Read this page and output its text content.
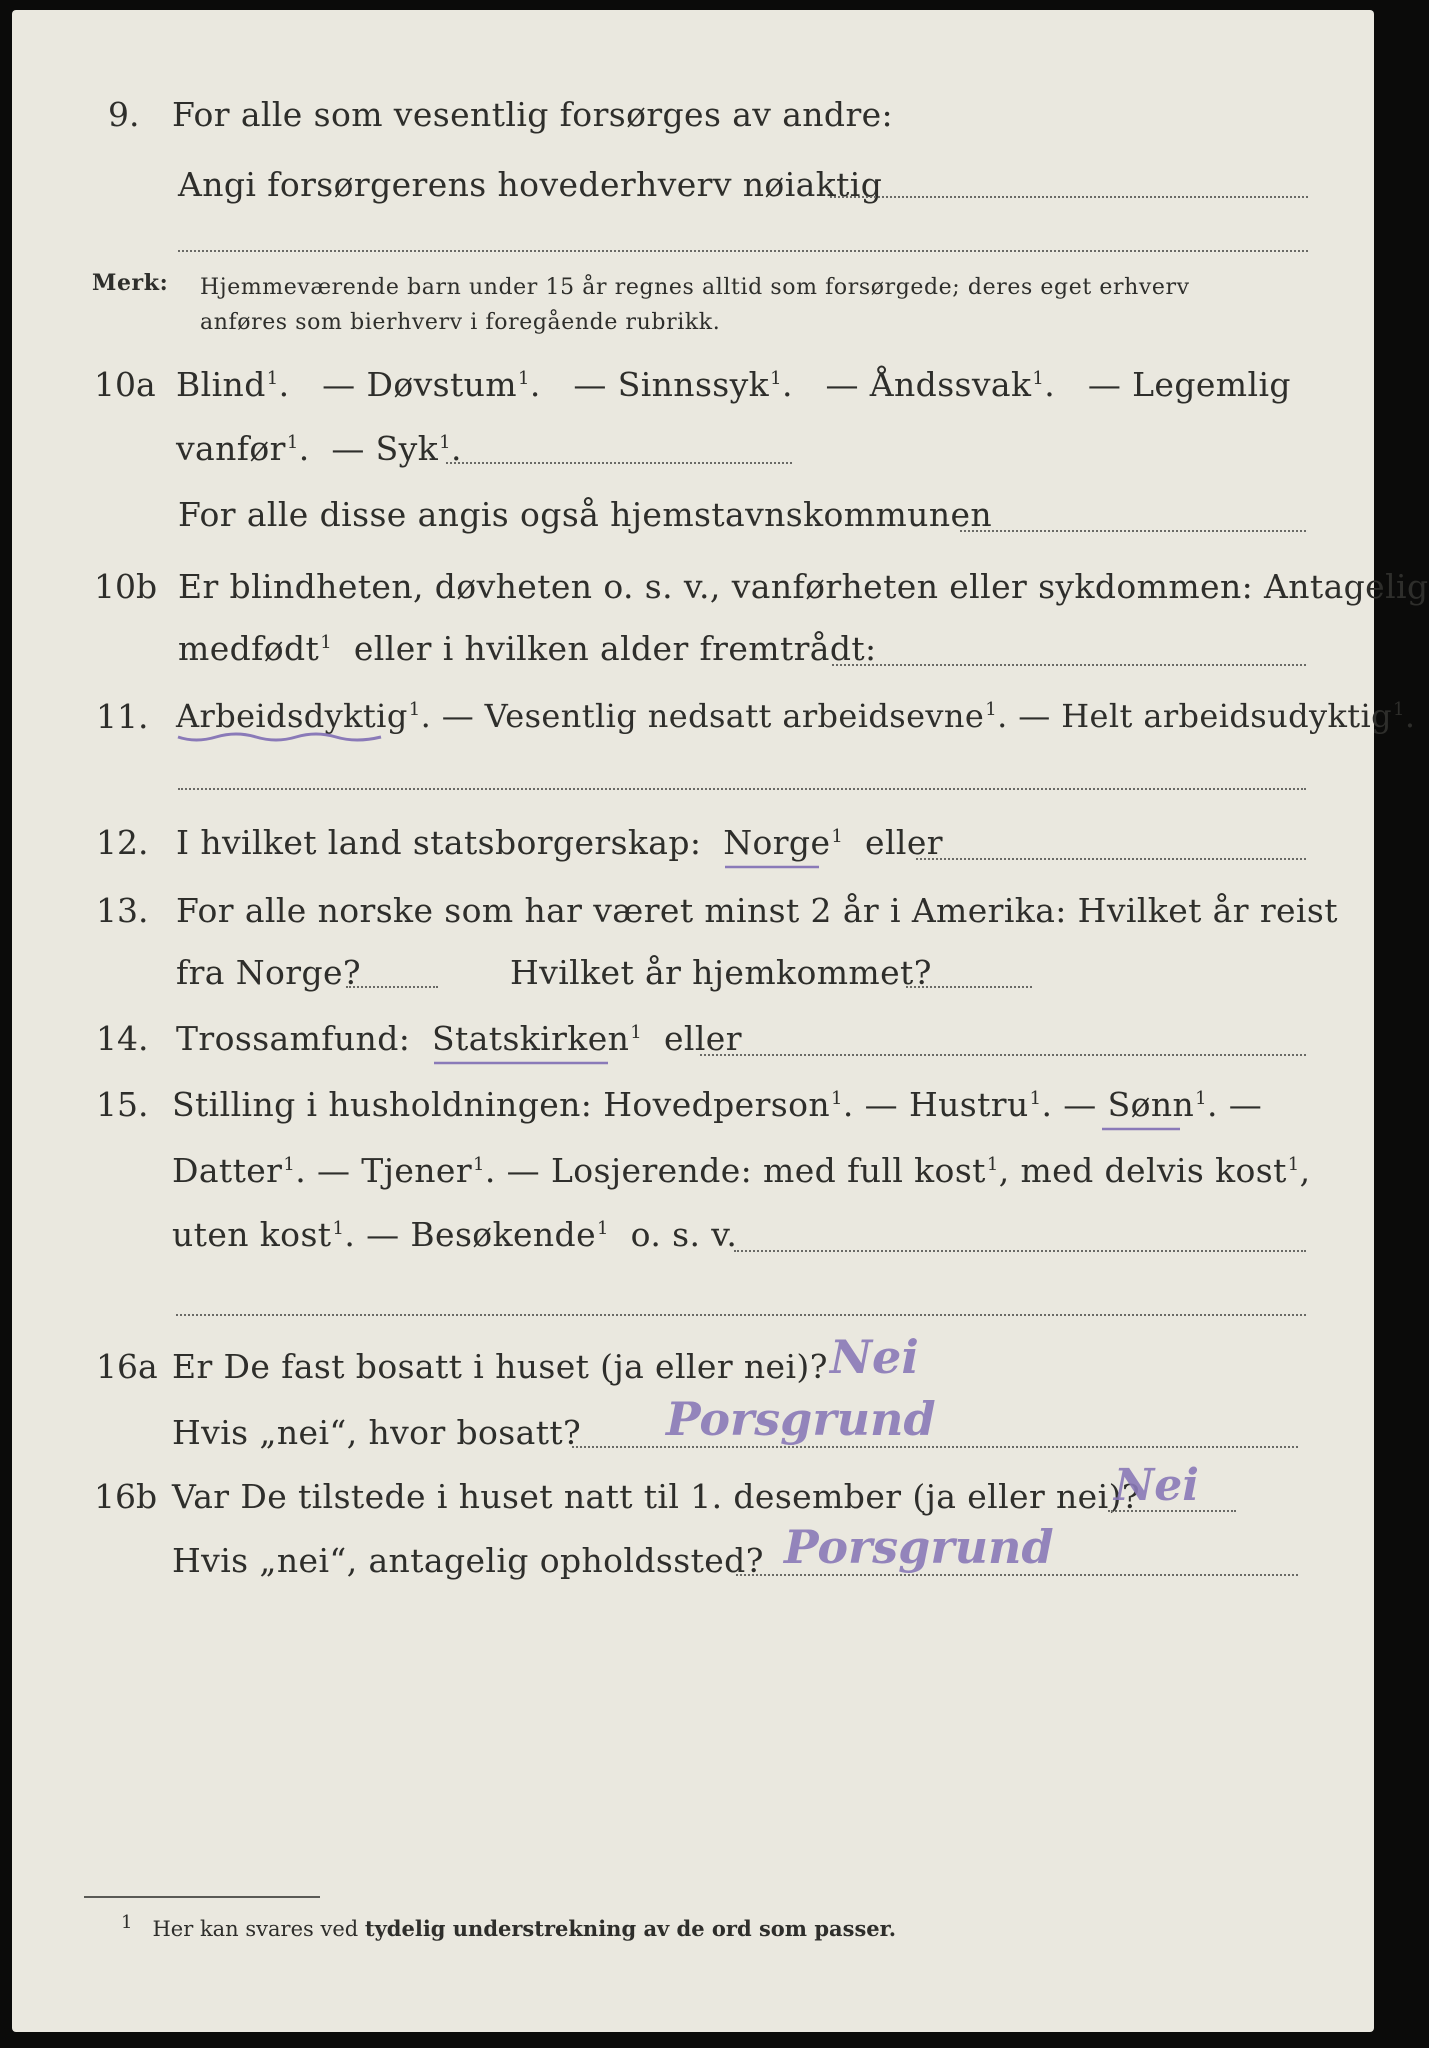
9. For alle som vesentlig forsørges av andre:
Angi forsørgerens hovederhverv nøiaktig
Merk: Hjemmeværende barn under 15 år regnes alltid som forsørgede; deres eget erhverv
anføres som bierhverv i foregående rubrikk.
10a Blind$^1$.   — Døvstum$^1$.   — Sinnssyk$^1$.   — Åndssvak$^1$.   — Legemlig
vanfør$^1$.  — Syk$^1$.
For alle disse angis også hjemstavnskommunen
10b Er blindheten, døvheten o. s. v., vanførheten eller sykdommen: Antagelig
medfødt$^1$ eller i hvilken alder fremtrådt:
11. Arbeidsdyktig
$^1$. — Vesentlig nedsatt arbeidsevne$^1$. — Helt arbeidsudyktig$^1$.
12. I hvilket land statsborgerskap: Norge
$^1$ eller
13. For alle norske som har været minst 2 år i Amerika: Hvilket år reist
fra Norge?	Hvilket år hjemkommet?
14. Trossamfund: Statskirken
$^1$ eller
15. Stilling i husholdningen: Hovedperson$^1$. — Hustru$^1$. — Sønn
$^1$. —
Datter$^1$. — Tjener$^1$. — Losjerende: med full kost$^1$, med delvis kost$^1$,
uten kost$^1$. — Besøkende$^1$ o. s. v.
16a Er De fast bosatt i huset (ja eller nei)? Nei
Hvis „nei“, hvor bosatt? Porsgrund
16b Var De tilstede i huset natt til 1. desember (ja eller nei)?
Nei
Hvis „nei“, antagelig opholdssted? Porsgrund
1 Her kan svares ved tydelig understrekning av de ord som passer.
